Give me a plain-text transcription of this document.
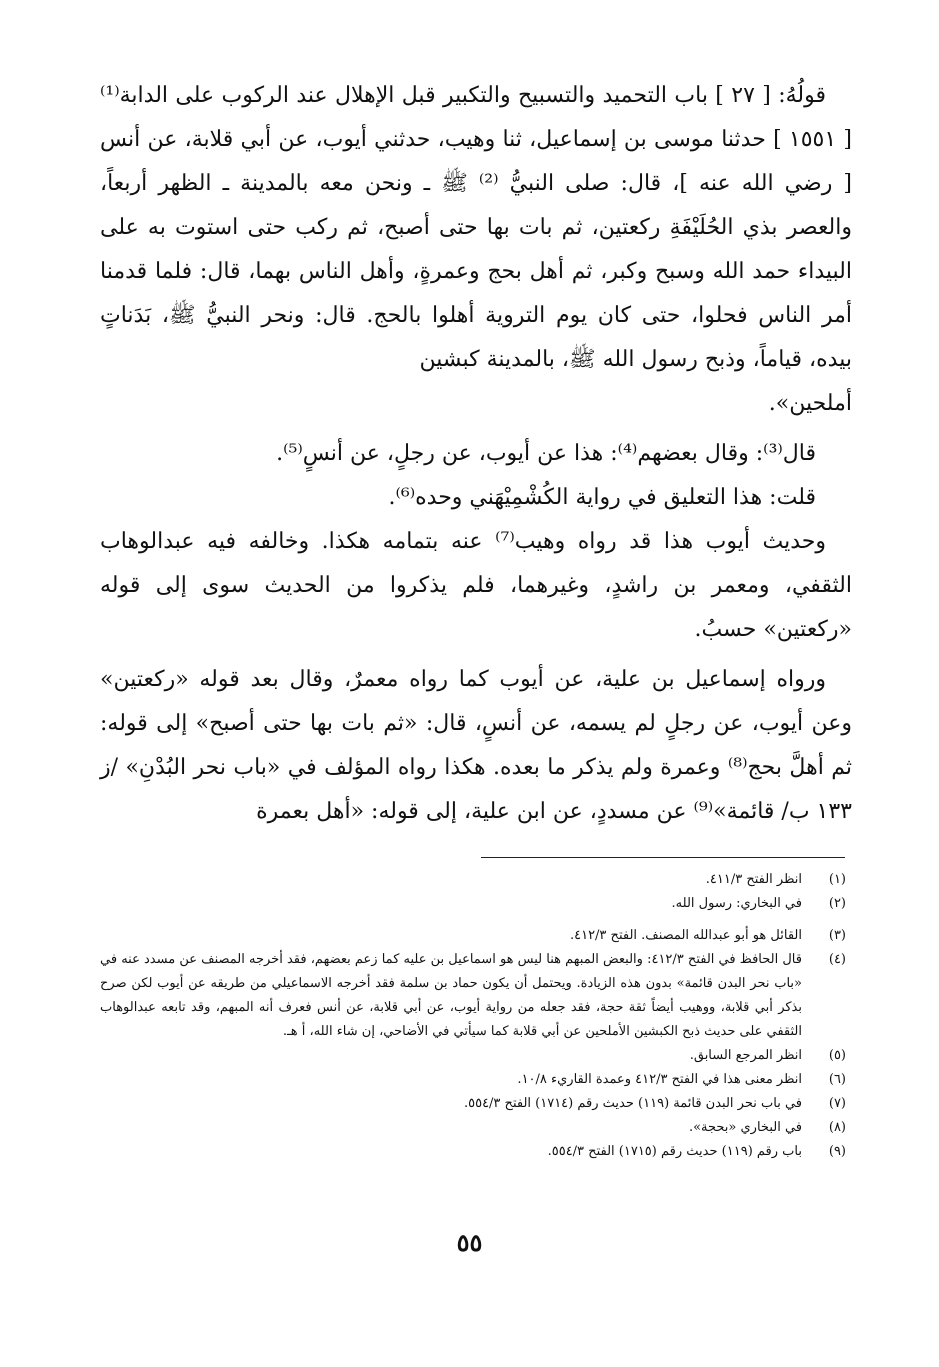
قولُهُ: [ ٢٧ ] باب التحميد والتسبيح والتكبير قبل الإهلال عند الركوب على الدابة⁽¹⁾ [ ١٥٥١ ] حدثنا موسى بن إسماعيل، ثنا وهيب، حدثني أيوب، عن أبي قلابة، عن أنس [ رضي الله عنه ]، قال: صلى النبيُّ ⁽²⁾ ﷺ ـ ونحن معه بالمدينة ـ الظهر أربعاً، والعصر بذي الحُلَيْفَةِ ركعتين، ثم بات بها حتى أصبح، ثم ركب حتى استوت به على البيداء حمد الله وسبح وكبر، ثم أهل بحج وعمرةٍ، وأهل الناس بهما، قال: فلما قدمنا أمر الناس فحلوا، حتى كان يوم التروية أهلوا بالحج. قال: ونحر النبيُّ ﷺ، بَدَناتٍ بيده، قياماً، وذبح رسول الله ﷺ، بالمدينة كبشين

أملحين».

قال⁽³⁾: وقال بعضهم⁽⁴⁾: هذا عن أيوب، عن رجلٍ، عن أنسٍ⁽⁵⁾.

قلت: هذا التعليق في رواية الكُشْمِيْهَني وحده⁽⁶⁾.

وحديث أيوب هذا قد رواه وهيب⁽⁷⁾ عنه بتمامه هكذا. وخالفه فيه عبدالوهاب الثقفي، ومعمر بن راشدٍ، وغيرهما، فلم يذكروا من الحديث سوى إلى قوله «ركعتين» حسبُ.

ورواه إسماعيل بن علية، عن أيوب كما رواه معمرٌ، وقال بعد قوله «ركعتين» وعن أيوب، عن رجلٍ لم يسمه، عن أنسٍ، قال: «ثم بات بها حتى أصبح» إلى قوله: ثم أهلَّ بحج⁽⁸⁾ وعمرة ولم يذكر ما بعده. هكذا رواه المؤلف في «باب نحر البُدْنِ» /ز ١٣٣ ب/ قائمة»⁽⁹⁾ عن مسددٍ، عن ابن علية، إلى قوله: «أهل بعمرة

(١)
انظر الفتح ٤١١/٣.
(٢)
في البخاري: رسول الله.
(٣)
القائل هو أبو عبدالله المصنف. الفتح ٤١٢/٣.
(٤)
قال الحافظ في الفتح ٤١٢/٣: والبعض المبهم هنا ليس هو اسماعيل بن عليه كما زعم بعضهم، فقد أخرجه المصنف عن مسدد عنه في «باب نحر البدن قائمة» بدون هذه الزيادة. ويحتمل أن يكون حماد بن سلمة فقد أخرجه الاسماعيلي من طريقه عن أيوب لكن صرح بذكر أبي قلابة، ووهيب أيضاً ثقة حجة، فقد جعله من رواية أيوب، عن أبي قلابة، عن أنس فعرف أنه المبهم، وقد تابعه عبدالوهاب الثقفي على حديث ذبح الكبشين الأملحين عن أبي قلابة كما سيأتي في الأضاحي، إن شاء الله، أ هـ.
(٥)
انظر المرجع السابق.
(٦)
انظر معنى هذا في الفتح ٤١٢/٣ وعمدة القاريء ١٠/٨.
(٧)
في باب نحر البدن قائمة (١١٩) حديث رقم (١٧١٤) الفتح ٥٥٤/٣.
(٨)
في البخاري «بحجة».
(٩)
باب رقم (١١٩) حديث رقم (١٧١٥) الفتح ٥٥٤/٣.
٥٥
